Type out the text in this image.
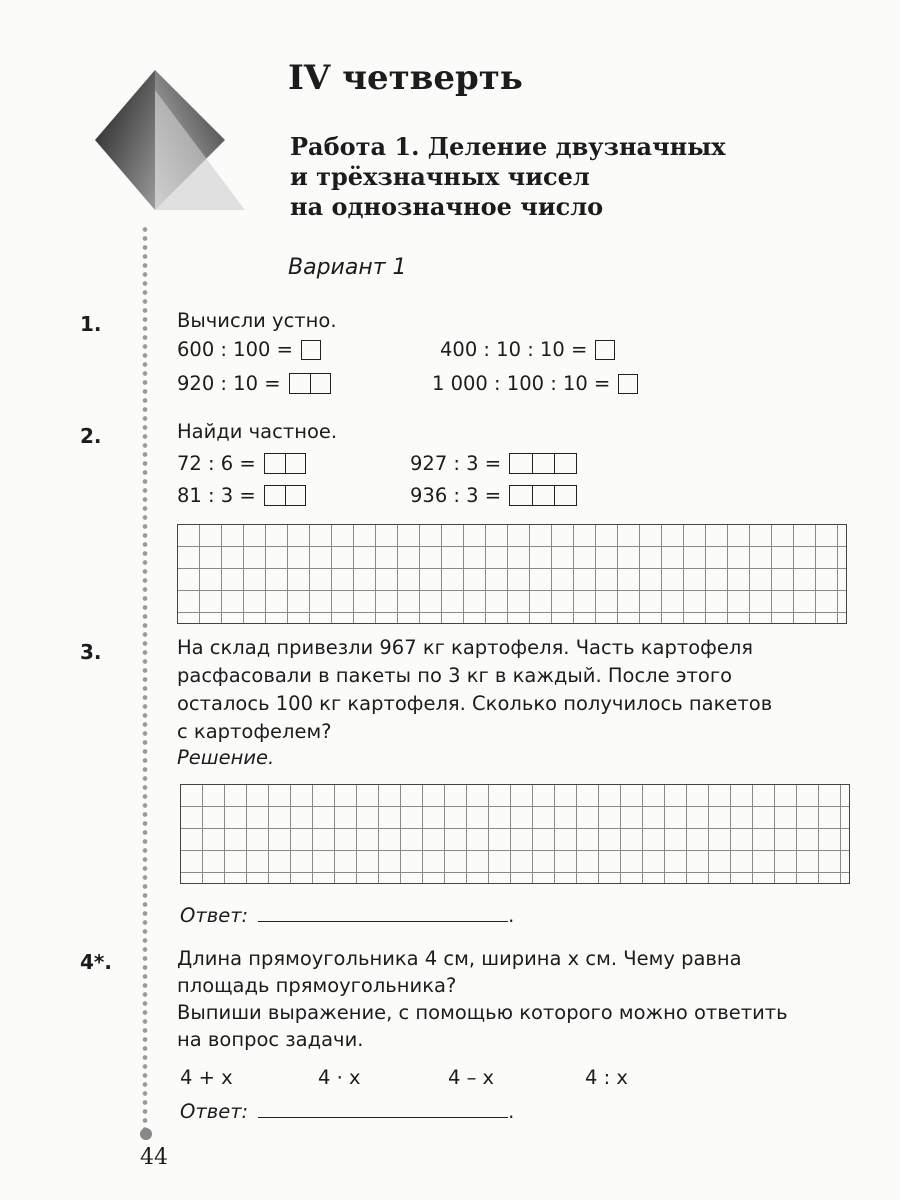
IV четверть
Работа 1. Деление двузначных
и трёхзначных чисел
на однозначное число
Вариант 1
1.	Вычисли устно.
600 : 100 =	400 : 10 : 10 =
920 : 10 =	1 000 : 100 : 10 =
2.	Найди частное.
72 : 6 =	927 : 3 =
81 : 3 =	936 : 3 =
3.	На склад привезли 967 кг картофеля. Часть картофеля
расфасовали в пакеты по 3 кг в каждый. После этого
осталось 100 кг картофеля. Сколько получилось пакетов
с картофелем?
Решение.
Ответ:	.
4*.	Длина прямоугольника 4 см, ширина x см. Чему равна
площадь прямоугольника?
Выпиши выражение, с помощью которого можно ответить
на вопрос задачи.
4 + x	4 · x	4 – x	4 : x
Ответ:	.
44
